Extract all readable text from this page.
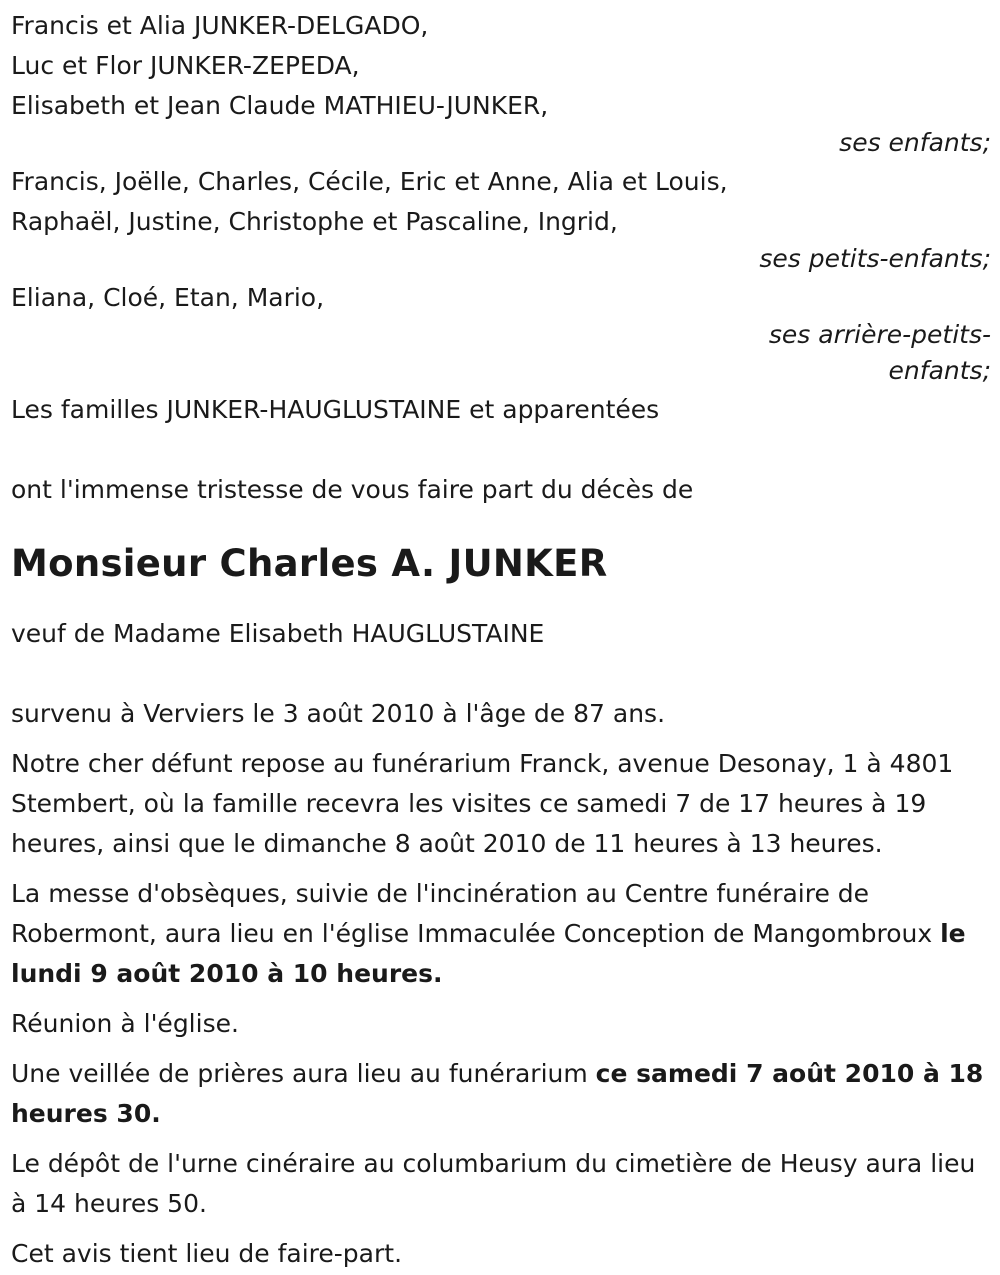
Francis et Alia JUNKER-DELGADO,
Luc et Flor JUNKER-ZEPEDA,
Elisabeth et Jean Claude MATHIEU-JUNKER,
ses enfants;
Francis, Joëlle, Charles, Cécile, Eric et Anne, Alia et Louis,
Raphaël, Justine, Christophe et Pascaline, Ingrid,
ses petits-enfants;
Eliana, Cloé, Etan, Mario,
ses arrière-petits-
enfants;
Les familles JUNKER-HAUGLUSTAINE et apparentées
ont l'immense tristesse de vous faire part du décès de
Monsieur Charles A. JUNKER
veuf de Madame Elisabeth HAUGLUSTAINE
survenu à Verviers le 3 août 2010 à l'âge de 87 ans.
Notre cher défunt repose au funérarium Franck, avenue Desonay, 1 à 4801 Stembert, où la famille recevra les visites ce samedi 7 de 17 heures à 19 heures, ainsi que le dimanche 8 août 2010 de 11 heures à 13 heures.
La messe d'obsèques, suivie de l'incinération au Centre funéraire de Robermont, aura lieu en l'église Immaculée Conception de Mangombroux le lundi 9 août 2010 à 10 heures.
Réunion à l'église.
Une veillée de prières aura lieu au funérarium ce samedi 7 août 2010 à 18 heures 30.
Le dépôt de l'urne cinéraire au columbarium du cimetière de Heusy aura lieu à 14 heures 50.
Cet avis tient lieu de faire-part.
